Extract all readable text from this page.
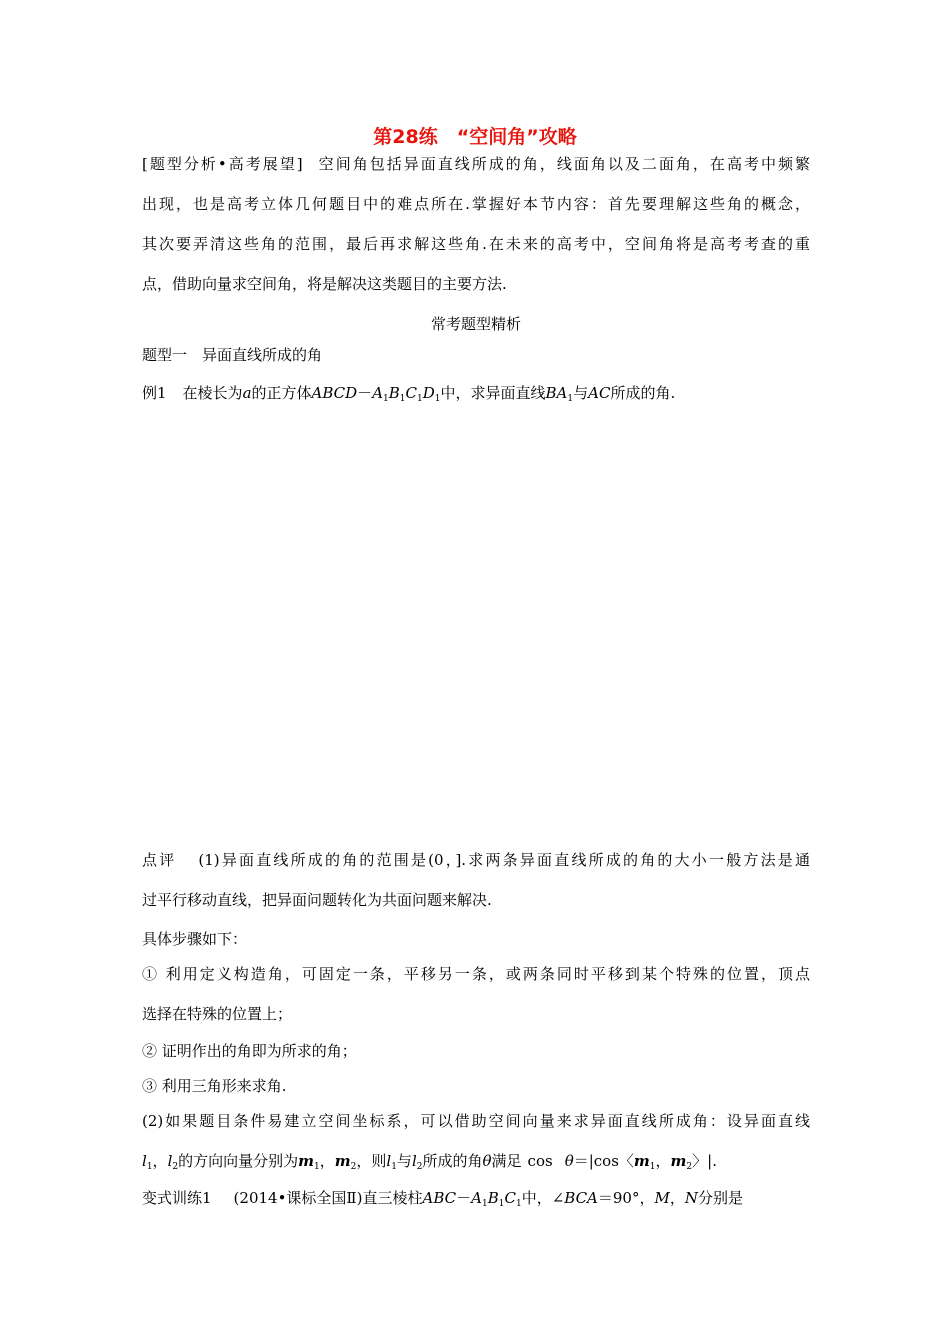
第28练　“空间角”攻略
[题型分析•高考展望] 空间角包括异面直线所成的角，线面角以及二面角，在高考中频繁
出现，也是高考立体几何题目中的难点所在.掌握好本节内容：首先要理解这些角的概念，
其次要弄清这些角的范围，最后再求解这些角.在未来的高考中，空间角将是高考考查的重
点，借助向量求空间角，将是解决这类题目的主要方法.
常考题型精析
题型一　异面直线所成的角
例1 在棱长为a的正方体$ABCD-A_1B_1C_1D_1$中，求异面直线$BA_1$与AC所成的角.
点评 (1)异面直线所成的角的范围是(0，].求两条异面直线所成的角的大小一般方法是通
过平行移动直线，把异面问题转化为共面问题来解决.
具体步骤如下：
① 利用定义构造角，可固定一条，平移另一条，或两条同时平移到某个特殊的位置，顶点
选择在特殊的位置上；
② 证明作出的角即为所求的角；
③ 利用三角形来求角.
(2)如果题目条件易建立空间坐标系，可以借助空间向量来求异面直线所成角：设异面直线
$l_1$，$l_2$的方向向量分别为$m_1$，$m_2$，则$l_1$与$l_2$所成的角θ满足 cos θ＝|cos〈$m_1$，$m_2$〉|.
变式训练1 (2014•课标全国Ⅱ)直三棱柱$ABC-A_1B_1C_1$中，∠BCA＝90°，M，N分别是
